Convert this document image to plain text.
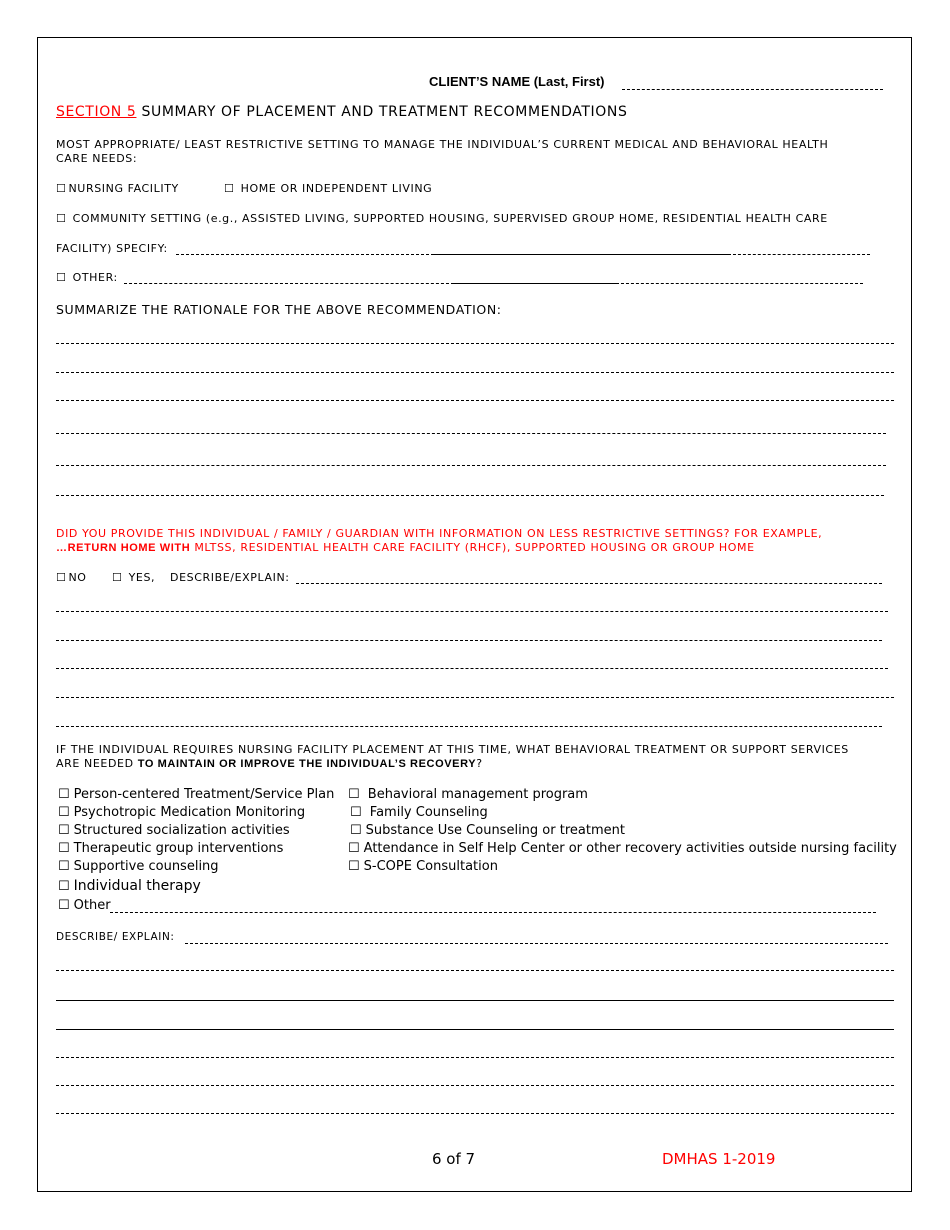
CLIENT’S NAME (Last, First)
SECTION 5 SUMMARY OF PLACEMENT AND TREATMENT RECOMMENDATIONS
MOST APPROPRIATE/ LEAST RESTRICTIVE SETTING TO MANAGE THE INDIVIDUAL’S CURRENT MEDICAL AND BEHAVIORAL HEALTH
CARE NEEDS:
☐ NURSING FACILITY	☐ HOME OR INDEPENDENT LIVING
☐ COMMUNITY SETTING (e.g., ASSISTED LIVING, SUPPORTED HOUSING, SUPERVISED GROUP HOME, RESIDENTIAL HEALTH CARE
FACILITY) SPECIFY:
☐ OTHER:
SUMMARIZE THE RATIONALE FOR THE ABOVE RECOMMENDATION:
DID YOU PROVIDE THIS INDIVIDUAL / FAMILY / GUARDIAN WITH INFORMATION ON LESS RESTRICTIVE SETTINGS? FOR EXAMPLE,
…RETURN HOME WITH MLTSS, RESIDENTIAL HEALTH CARE FACILITY (RHCF), SUPPORTED HOUSING OR GROUP HOME
☐ NO ☐ YES, DESCRIBE/EXPLAIN:
IF THE INDIVIDUAL REQUIRES NURSING FACILITY PLACEMENT AT THIS TIME, WHAT BEHAVIORAL TREATMENT OR SUPPORT SERVICES
ARE NEEDED TO MAINTAIN OR IMPROVE THE INDIVIDUAL’S RECOVERY?
☐ Person-centered Treatment/Service Plan
☐ Psychotropic Medication Monitoring
☐ Structured socialization activities
☐ Therapeutic group interventions
☐ Supportive counseling
☐ Individual therapy
☐ Other
☐ Behavioral management program
☐ Family Counseling
☐ Substance Use Counseling or treatment
☐ Attendance in Self Help Center or other recovery activities outside nursing facility
☐ S-COPE Consultation
DESCRIBE/ EXPLAIN:
6 of 7	DMHAS 1-2019
